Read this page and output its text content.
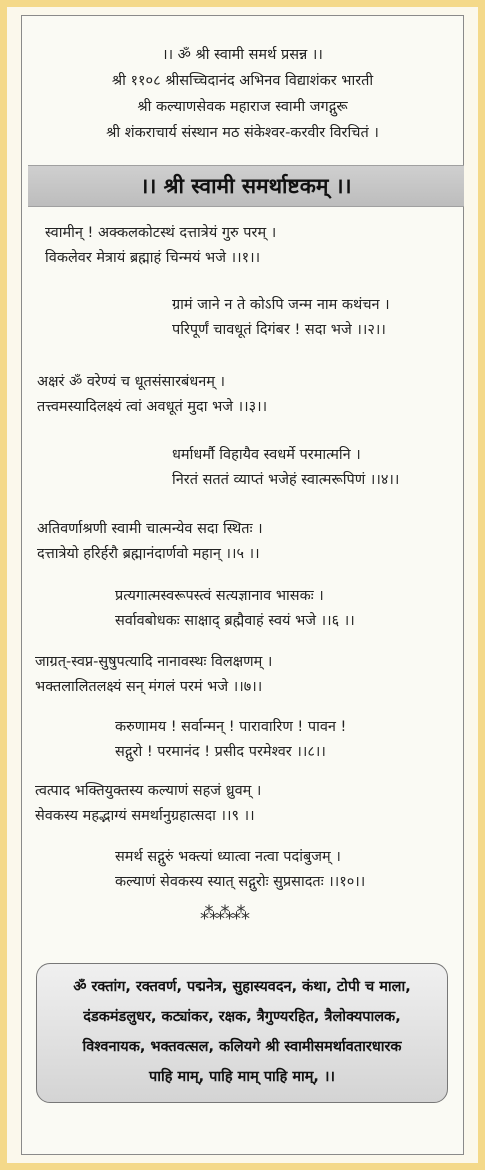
।। ॐ श्री स्वामी समर्थ प्रसन्न ।।
श्री ११०८ श्रीसच्चिदानंद अभिनव विद्याशंकर भारती
श्री कल्याणसेवक महाराज स्वामी जगद्गुरू
श्री शंकराचार्य संस्थान मठ संकेश्वर-करवीर विरचितं ।
।। श्री स्वामी समर्थाष्टकम् ।।
स्वामीन् ! अक्कलकोटस्थं दत्तात्रेयं गुरु परम् ।
विकलेवर मेत्रायं ब्रह्माहं चिन्मयं भजे ।।१।।
ग्रामं जाने न ते कोऽपि जन्म नाम कथंचन ।
परिपूर्णं चावधूतं दिगंबर ! सदा भजे ।।२।।
अक्षरं ॐ वरेण्यं च धूतसंसारबंधनम् ।
तत्त्वमस्यादिलक्ष्यं त्वां अवधूतं मुदा भजे ।।३।।
धर्माधर्मौ विहायैव स्वधर्मे परमात्मनि ।
निरतं सततं व्याप्तं भजेहं स्वात्मरूपिणं ।।४।।
अतिवर्णाश्रणी स्वामी चात्मन्येव सदा स्थितः ।
दत्तात्रेयो हरिर्हरौ ब्रह्मानंदार्णवो महान् ।।५ ।।
प्रत्यगात्मस्वरूपस्त्वं सत्यज्ञानाव भासकः ।
सर्वावबोधकः साक्षाद् ब्रह्मैवाहं स्वयं भजे ।।६ ।।
जाग्रत्-स्वप्न-सुषुपत्यादि नानावस्थः विलक्षणम् ।
भक्तलालितलक्ष्यं सन् मंगलं परमं भजे ।।७।।
करुणामय ! सर्वान्मन् ! पारावारिण ! पावन !
सद्गुरो ! परमानंद ! प्रसीद परमेश्वर ।।८।।
त्वत्पाद भक्तियुक्तस्य कल्याणं सहजं ध्रुवम् ।
सेवकस्य महद्भाग्यं समर्थानुग्रहात्सदा ।।९ ।।
समर्थ सद्गुरुं भक्त्यां ध्यात्वा नत्वा पदांबुजम् ।
कल्याणं सेवकस्य स्यात् सद्गुरोः सुप्रसादतः ।।१०।।
⁂⁂⁂
ॐ रक्तांग, रक्तवर्ण, पद्मनेत्र, सुहास्यवदन, कंथा, टोपी च माला,
दंडकमंडलुधर, कट्यांकर, रक्षक, त्रैगुण्यरहित, त्रैलोक्यपालक,
विश्वनायक, भक्तवत्सल, कलियगे श्री स्वामीसमर्थावतारधारक
पाहि माम्, पाहि माम् पाहि माम्, ।।
